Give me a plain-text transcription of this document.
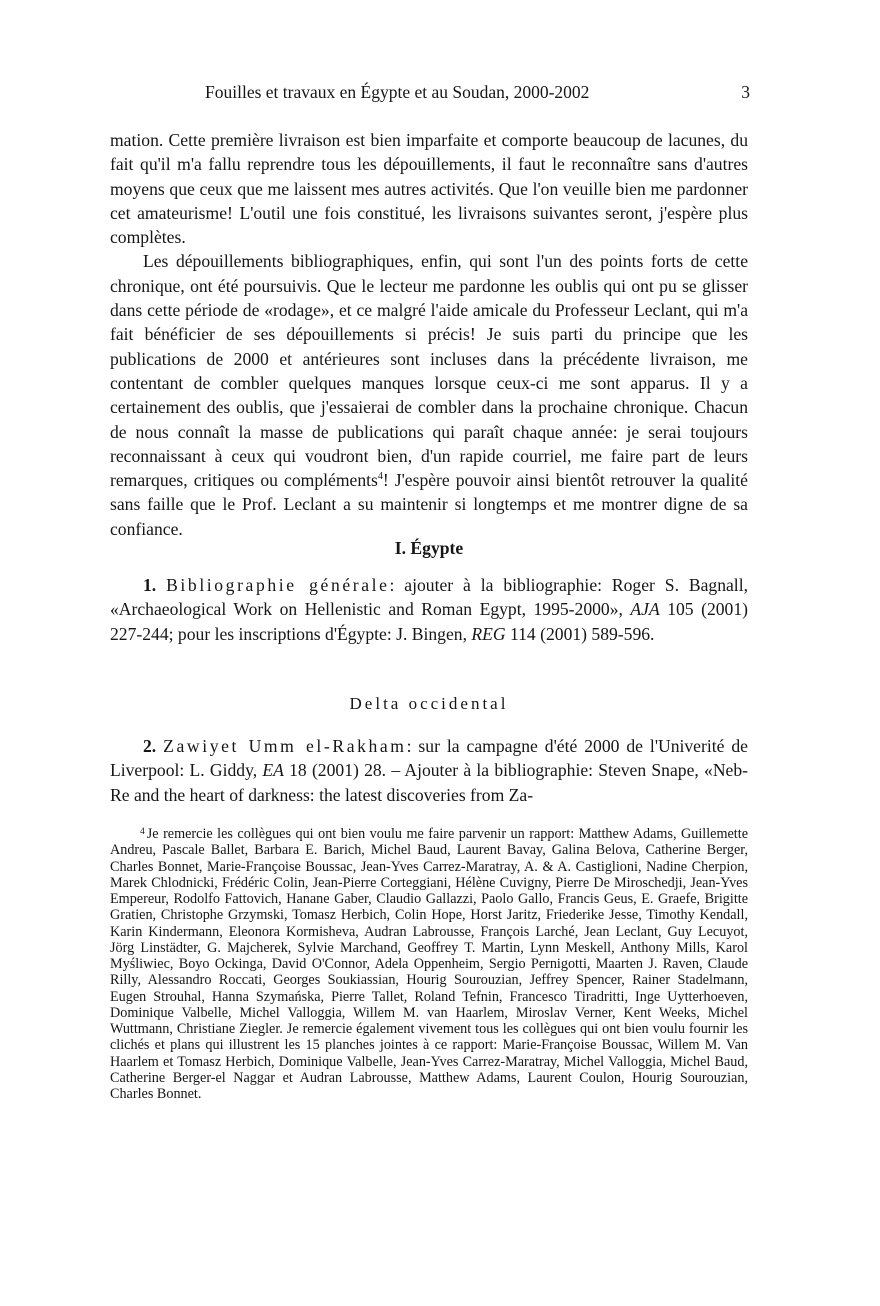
Fouilles et travaux en Égypte et au Soudan, 2000-2002	3

mation. Cette première livraison est bien imparfaite et comporte beaucoup de lacunes, du fait qu'il m'a fallu reprendre tous les dépouillements, il faut le reconnaître sans d'autres moyens que ceux que me laissent mes autres activités. Que l'on veuille bien me pardonner cet amateurisme! L'outil une fois constitué, les livraisons suivantes seront, j'espère plus complètes.

Les dépouillements bibliographiques, enfin, qui sont l'un des points forts de cette chronique, ont été poursuivis. Que le lecteur me pardonne les oublis qui ont pu se glisser dans cette période de «rodage», et ce malgré l'aide amicale du Professeur Leclant, qui m'a fait bénéficier de ses dépouillements si précis! Je suis parti du principe que les publications de 2000 et antérieures sont incluses dans la précédente livraison, me contentant de combler quelques manques lorsque ceux-ci me sont apparus. Il y a certainement des oublis, que j'essaierai de combler dans la prochaine chronique. Chacun de nous connaît la masse de publications qui paraît chaque année: je serai toujours reconnaissant à ceux qui voudront bien, d'un rapide courriel, me faire part de leurs remarques, critiques ou compléments$^4$! J'espère pouvoir ainsi bientôt retrouver la qualité sans faille que le Prof. Leclant a su maintenir si longtemps et me montrer digne de sa confiance.

I. Égypte

1. Bibliographie générale: ajouter à la bibliographie: Roger S. Bagnall, «Archaeological Work on Hellenistic and Roman Egypt, 1995-2000», AJA 105 (2001) 227-244; pour les inscriptions d'Égypte: J. Bingen, REG 114 (2001) 589-596.

Delta occidental

2. Zawiyet Umm el-Rakham: sur la campagne d'été 2000 de l'Univerité de Liverpool: L. Giddy, EA 18 (2001) 28. – Ajouter à la bibliographie: Steven Snape, «Neb-Re and the heart of darkness: the latest discoveries from Za-

$^4$ Je remercie les collègues qui ont bien voulu me faire parvenir un rapport: Matthew Adams, Guillemette Andreu, Pascale Ballet, Barbara E. Barich, Michel Baud, Laurent Bavay, Galina Belova, Catherine Berger, Charles Bonnet, Marie-Françoise Boussac, Jean-Yves Carrez-Maratray, A. & A. Castiglioni, Nadine Cherpion, Marek Chlodnicki, Frédéric Colin, Jean-Pierre Corteggiani, Hélène Cuvigny, Pierre De Miroschedji, Jean-Yves Empereur, Rodolfo Fattovich, Hanane Gaber, Claudio Gallazzi, Paolo Gallo, Francis Geus, E. Graefe, Brigitte Gratien, Christophe Grzymski, Tomasz Herbich, Colin Hope, Horst Jaritz, Friederike Jesse, Timothy Kendall, Karin Kindermann, Eleonora Kormisheva, Audran Labrousse, François Larché, Jean Leclant, Guy Lecuyot, Jörg Linstädter, G. Majcherek, Sylvie Marchand, Geoffrey T. Martin, Lynn Meskell, Anthony Mills, Karol Myśliwiec, Boyo Ockinga, David O'Connor, Adela Oppenheim, Sergio Pernigotti, Maarten J. Raven, Claude Rilly, Alessandro Roccati, Georges Soukiassian, Hourig Sourouzian, Jeffrey Spencer, Rainer Stadelmann, Eugen Strouhal, Hanna Szymańska, Pierre Tallet, Roland Tefnin, Francesco Tiradritti, Inge Uytterhoeven, Dominique Valbelle, Michel Valloggia, Willem M. van Haarlem, Miroslav Verner, Kent Weeks, Michel Wuttmann, Christiane Ziegler. Je remercie également vivement tous les collègues qui ont bien voulu fournir les clichés et plans qui illustrent les 15 planches jointes à ce rapport: Marie-Françoise Boussac, Willem M. Van Haarlem et Tomasz Herbich, Dominique Valbelle, Jean-Yves Carrez-Maratray, Michel Valloggia, Michel Baud, Catherine Berger-el Naggar et Audran Labrousse, Matthew Adams, Laurent Coulon, Hourig Sourouzian, Charles Bonnet.
